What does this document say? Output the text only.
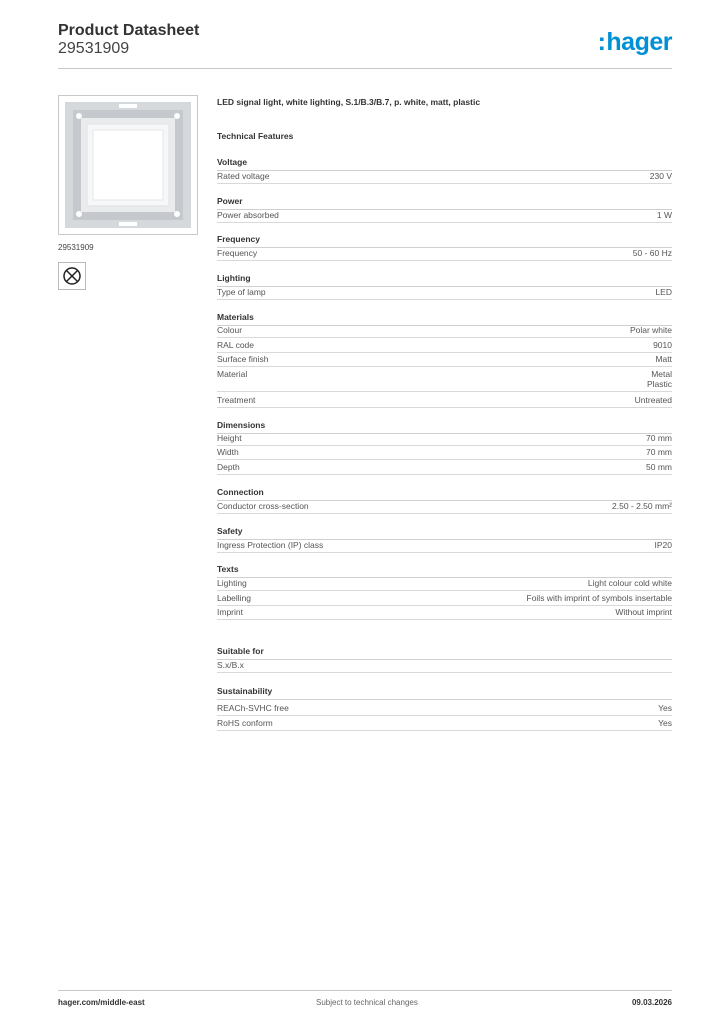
Product Datasheet
29531909	:hager
29531909
LED signal light, white lighting, S.1/B.3/B.7, p. white, matt, plastic
Technical Features
Voltage
Rated voltage	230 V
Power
Power absorbed	1 W
Frequency
Frequency	50 - 60 Hz
Lighting
Type of lamp	LED
Materials
Colour	Polar white
RAL code	9010
Surface finish	Matt
Material	Metal
Plastic
Treatment	Untreated
Dimensions
Height	70 mm
Width	70 mm
Depth	50 mm
Connection
Conductor cross-section	2.50 - 2.50 mm²
Safety
Ingress Protection (IP) class	IP20
Texts
Lighting	Light colour cold white
Labelling	Foils with imprint of symbols insertable
Imprint	Without imprint
Suitable for
S.x/B.x
Sustainability
REACh-SVHC free	Yes
RoHS conform	Yes
hager.com/middle-east	Subject to technical changes	09.03.2026
